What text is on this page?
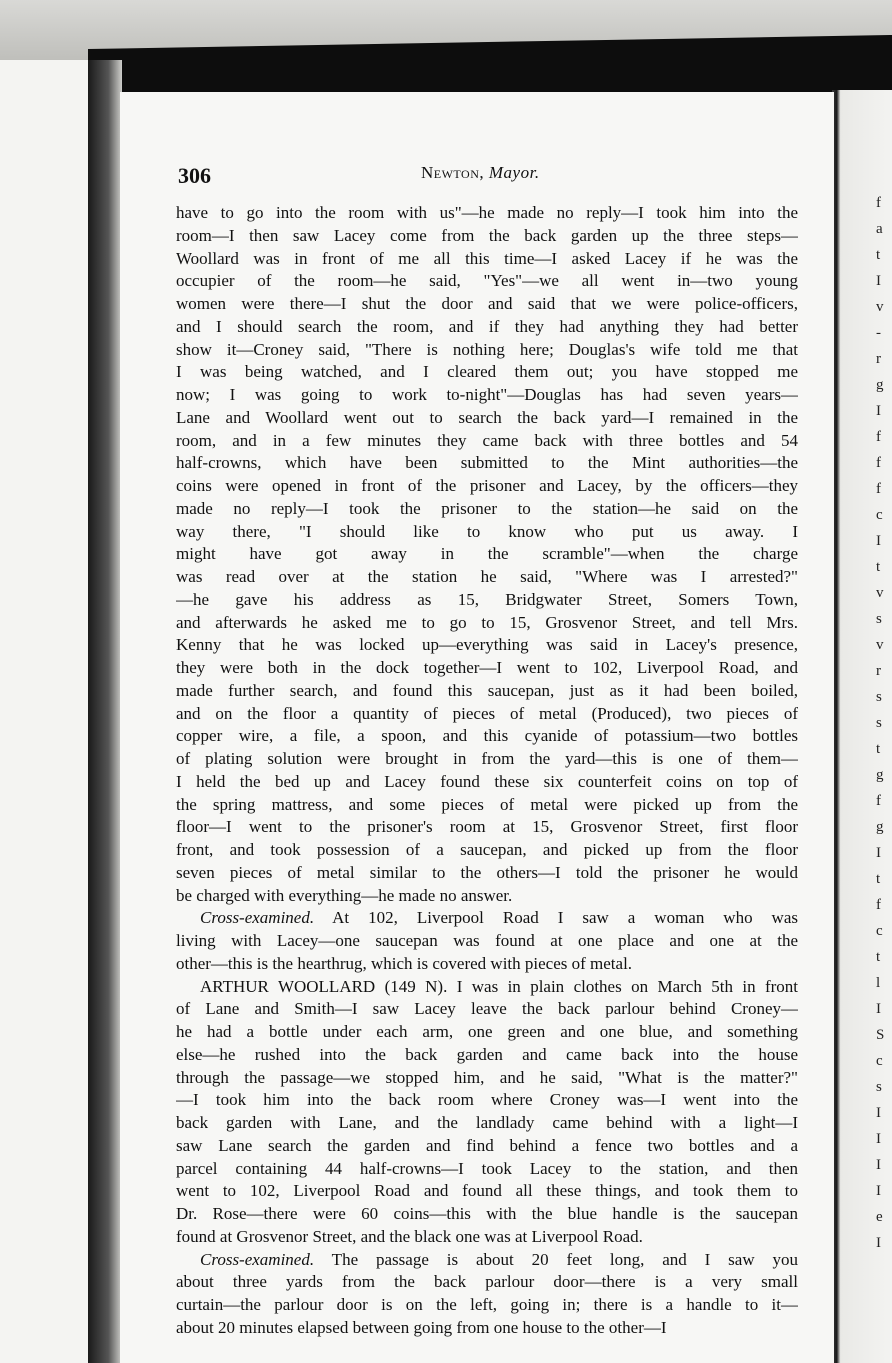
306	Newton, Mayor.
have to go into the room with us"—he made no reply—I took him into the
room—I then saw Lacey come from the back garden up the three steps—
Woollard was in front of me all this time—I asked Lacey if he was the
occupier of the room—he said, "Yes"—we all went in—two young
women were there—I shut the door and said that we were police-officers,
and I should search the room, and if they had anything they had better
show it—Croney said, "There is nothing here; Douglas's wife told me that
I was being watched, and I cleared them out; you have stopped me
now; I was going to work to-night"—Douglas has had seven years—
Lane and Woollard went out to search the back yard—I remained in the
room, and in a few minutes they came back with three bottles and 54
half-crowns, which have been submitted to the Mint authorities—the
coins were opened in front of the prisoner and Lacey, by the officers—they
made no reply—I took the prisoner to the station—he said on the
way there, "I should like to know who put us away. I
might have got away in the scramble"—when the charge
was read over at the station he said, "Where was I arrested?"
—he gave his address as 15, Bridgwater Street, Somers Town,
and afterwards he asked me to go to 15, Grosvenor Street, and tell Mrs.
Kenny that he was locked up—everything was said in Lacey's presence,
they were both in the dock together—I went to 102, Liverpool Road, and
made further search, and found this saucepan, just as it had been boiled,
and on the floor a quantity of pieces of metal (Produced), two pieces of
copper wire, a file, a spoon, and this cyanide of potassium—two bottles
of plating solution were brought in from the yard—this is one of them—
I held the bed up and Lacey found these six counterfeit coins on top of
the spring mattress, and some pieces of metal were picked up from the
floor—I went to the prisoner's room at 15, Grosvenor Street, first floor
front, and took possession of a saucepan, and picked up from the floor
seven pieces of metal similar to the others—I told the prisoner he would
be charged with everything—he made no answer.
Cross-examined. At 102, Liverpool Road I saw a woman who was
living with Lacey—one saucepan was found at one place and one at the
other—this is the hearthrug, which is covered with pieces of metal.
ARTHUR WOOLLARD (149 N). I was in plain clothes on March 5th in front
of Lane and Smith—I saw Lacey leave the back parlour behind Croney—
he had a bottle under each arm, one green and one blue, and something
else—he rushed into the back garden and came back into the house
through the passage—we stopped him, and he said, "What is the matter?"
—I took him into the back room where Croney was—I went into the
back garden with Lane, and the landlady came behind with a light—I
saw Lane search the garden and find behind a fence two bottles and a
parcel containing 44 half-crowns—I took Lacey to the station, and then
went to 102, Liverpool Road and found all these things, and took them to
Dr. Rose—there were 60 coins—this with the blue handle is the saucepan
found at Grosvenor Street, and the black one was at Liverpool Road.
Cross-examined. The passage is about 20 feet long, and I saw you
about three yards from the back parlour door—there is a very small
curtain—the parlour door is on the left, going in; there is a handle to it—
about 20 minutes elapsed between going from one house to the other—I
f
a
t
I
v
-
r
g
I
f
f
f
c
I
t
v
s
v
r
s
s
t
g
f
g
I
t
f
c
t
l
I
S
c
s
I
I
I
I
e
I
